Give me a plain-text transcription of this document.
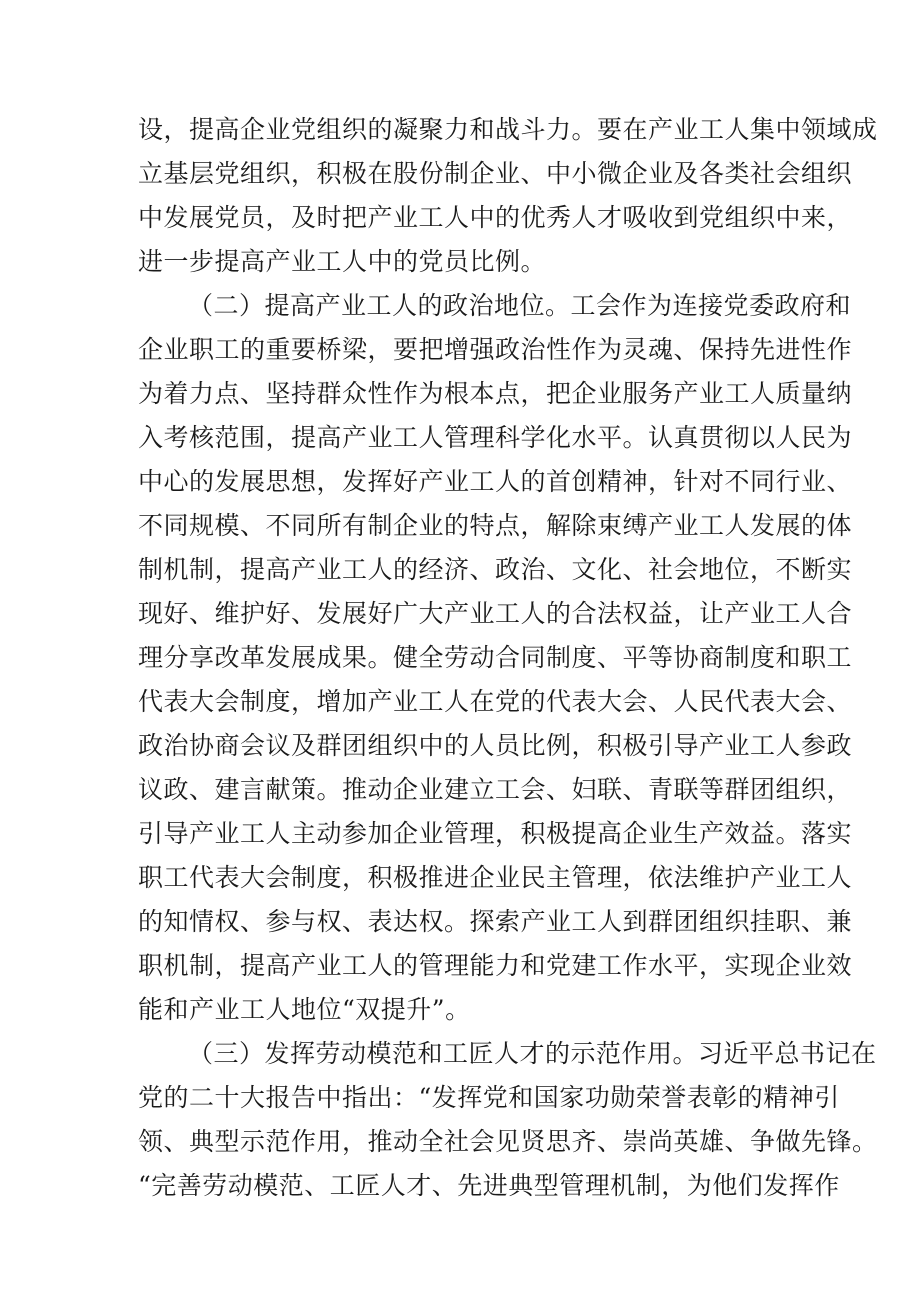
设，提高企业党组织的凝聚力和战斗力。要在产业工人集中领域成
立基层党组织，积极在股份制企业、中小微企业及各类社会组织
中发展党员，及时把产业工人中的优秀人才吸收到党组织中来，
进一步提高产业工人中的党员比例。
（二）提高产业工人的政治地位。工会作为连接党委政府和
企业职工的重要桥梁，要把增强政治性作为灵魂、保持先进性作
为着力点、坚持群众性作为根本点，把企业服务产业工人质量纳
入考核范围，提高产业工人管理科学化水平。认真贯彻以人民为
中心的发展思想，发挥好产业工人的首创精神，针对不同行业、
不同规模、不同所有制企业的特点，解除束缚产业工人发展的体
制机制，提高产业工人的经济、政治、文化、社会地位，不断实
现好、维护好、发展好广大产业工人的合法权益，让产业工人合
理分享改革发展成果。健全劳动合同制度、平等协商制度和职工
代表大会制度，增加产业工人在党的代表大会、人民代表大会、
政治协商会议及群团组织中的人员比例，积极引导产业工人参政
议政、建言献策。推动企业建立工会、妇联、青联等群团组织，
引导产业工人主动参加企业管理，积极提高企业生产效益。落实
职工代表大会制度，积极推进企业民主管理，依法维护产业工人
的知情权、参与权、表达权。探索产业工人到群团组织挂职、兼
职机制，提高产业工人的管理能力和党建工作水平，实现企业效
能和产业工人地位“双提升”。
（三）发挥劳动模范和工匠人才的示范作用。习近平总书记在
党的二十大报告中指出：“发挥党和国家功勋荣誉表彰的精神引
领、典型示范作用，推动全社会见贤思齐、崇尚英雄、争做先锋。
“完善劳动模范、工匠人才、先进典型管理机制，为他们发挥作
